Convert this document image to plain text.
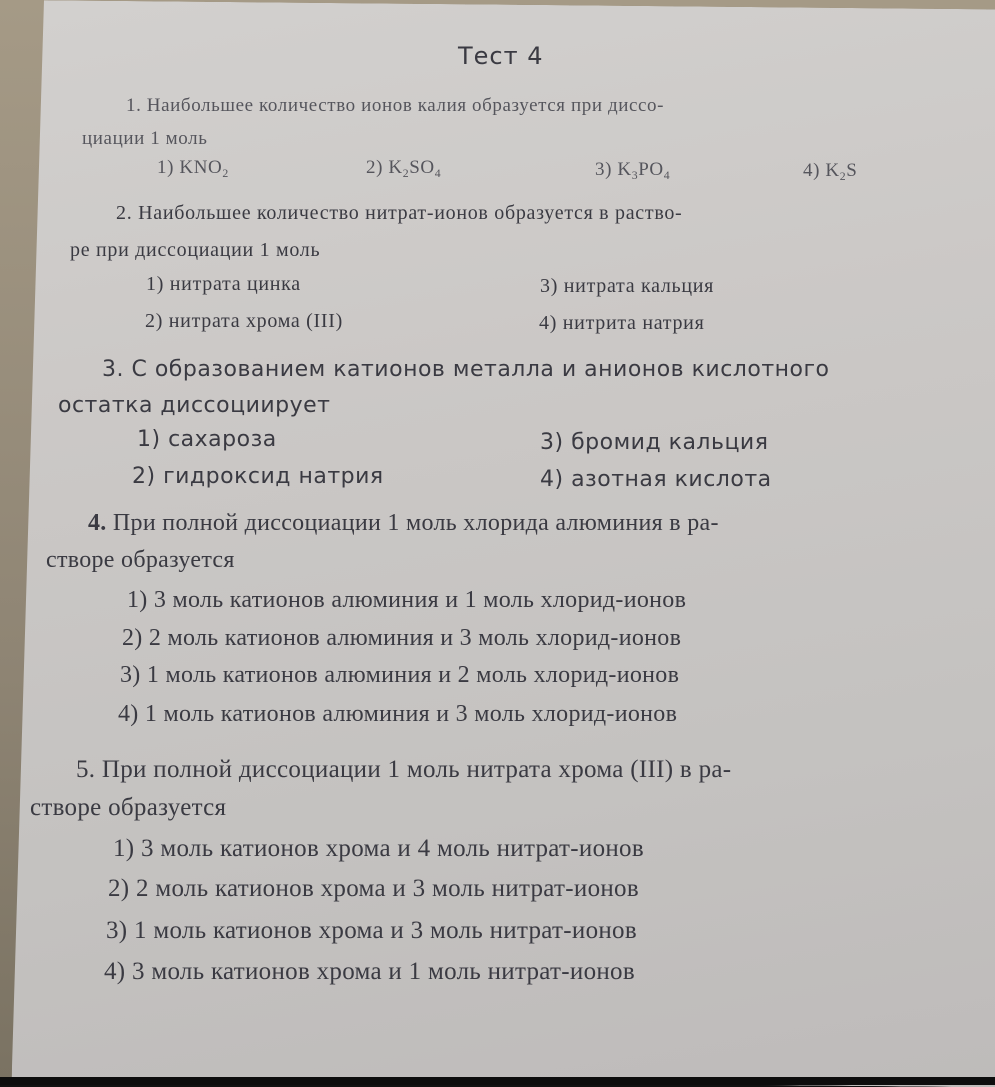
Тест 4
1. Наибольшее количество ионов калия образуется при диссо-
циации 1 моль
1) $KNO_2$	2) $K_2SO_4$	3) $K_3PO_4$	4) $K_2S$
2. Наибольшее количество нитрат-ионов образуется в раство-
ре при диссоциации 1 моль
1) нитрата цинка	3) нитрата кальция
2) нитрата хрома (III)	4) нитрита натрия
3. С образованием катионов металла и анионов кислотного
остатка диссоциирует
1) сахароза	3) бромид кальция
2) гидроксид натрия	4) азотная кислота
4. При полной диссоциации 1 моль хлорида алюминия в ра-
створе образуется
1) 3 моль катионов алюминия и 1 моль хлорид-ионов
2) 2 моль катионов алюминия и 3 моль хлорид-ионов
3) 1 моль катионов алюминия и 2 моль хлорид-ионов
4) 1 моль катионов алюминия и 3 моль хлорид-ионов
5. При полной диссоциации 1 моль нитрата хрома (III) в ра-
створе образуется
1) 3 моль катионов хрома и 4 моль нитрат-ионов
2) 2 моль катионов хрома и 3 моль нитрат-ионов
3) 1 моль катионов хрома и 3 моль нитрат-ионов
4) 3 моль катионов хрома и 1 моль нитрат-ионов
